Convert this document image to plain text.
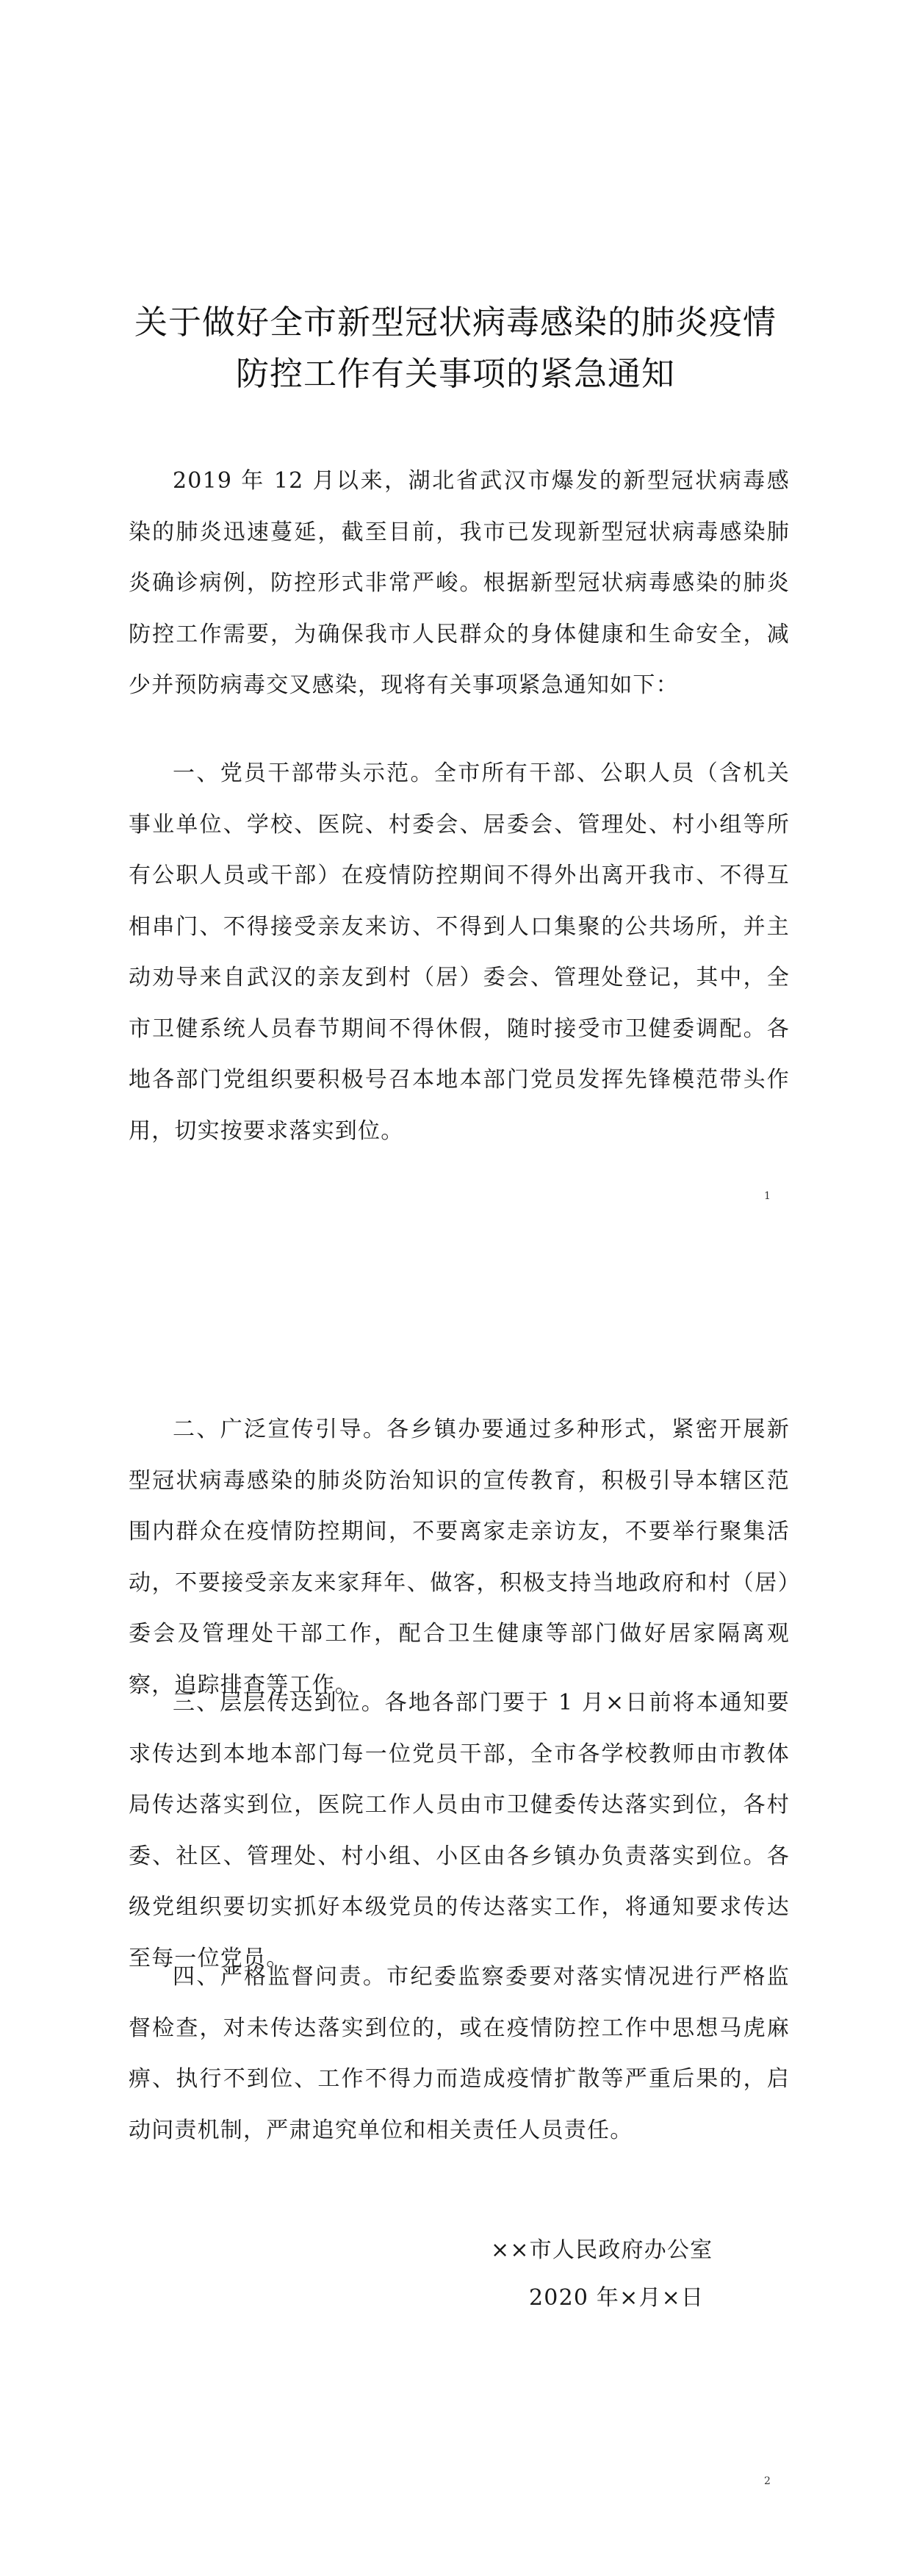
关于做好全市新型冠状病毒感染的肺炎疫情
防控工作有关事项的紧急通知

2019 年 12 月以来，湖北省武汉市爆发的新型冠状病毒感染的肺炎迅速蔓延，截至目前，我市已发现新型冠状病毒感染肺炎确诊病例，防控形式非常严峻。根据新型冠状病毒感染的肺炎防控工作需要，为确保我市人民群众的身体健康和生命安全，减少并预防病毒交叉感染，现将有关事项紧急通知如下：

一、党员干部带头示范。全市所有干部、公职人员（含机关事业单位、学校、医院、村委会、居委会、管理处、村小组等所有公职人员或干部）在疫情防控期间不得外出离开我市、不得互相串门、不得接受亲友来访、不得到人口集聚的公共场所，并主动劝导来自武汉的亲友到村（居）委会、管理处登记，其中，全市卫健系统人员春节期间不得休假，随时接受市卫健委调配。各地各部门党组织要积极号召本地本部门党员发挥先锋模范带头作用，切实按要求落实到位。

1

二、广泛宣传引导。各乡镇办要通过多种形式，紧密开展新型冠状病毒感染的肺炎防治知识的宣传教育，积极引导本辖区范围内群众在疫情防控期间，不要离家走亲访友，不要举行聚集活动，不要接受亲友来家拜年、做客，积极支持当地政府和村（居）委会及管理处干部工作，配合卫生健康等部门做好居家隔离观察，追踪排查等工作。

三、层层传达到位。各地各部门要于 1 月×日前将本通知要求传达到本地本部门每一位党员干部，全市各学校教师由市教体局传达落实到位，医院工作人员由市卫健委传达落实到位，各村委、社区、管理处、村小组、小区由各乡镇办负责落实到位。各级党组织要切实抓好本级党员的传达落实工作，将通知要求传达至每一位党员。

四、严格监督问责。市纪委监察委要对落实情况进行严格监督检查，对未传达落实到位的，或在疫情防控工作中思想马虎麻痹、执行不到位、工作不得力而造成疫情扩散等严重后果的，启动问责机制，严肃追究单位和相关责任人员责任。

××市人民政府办公室
2020 年×月×日
2
